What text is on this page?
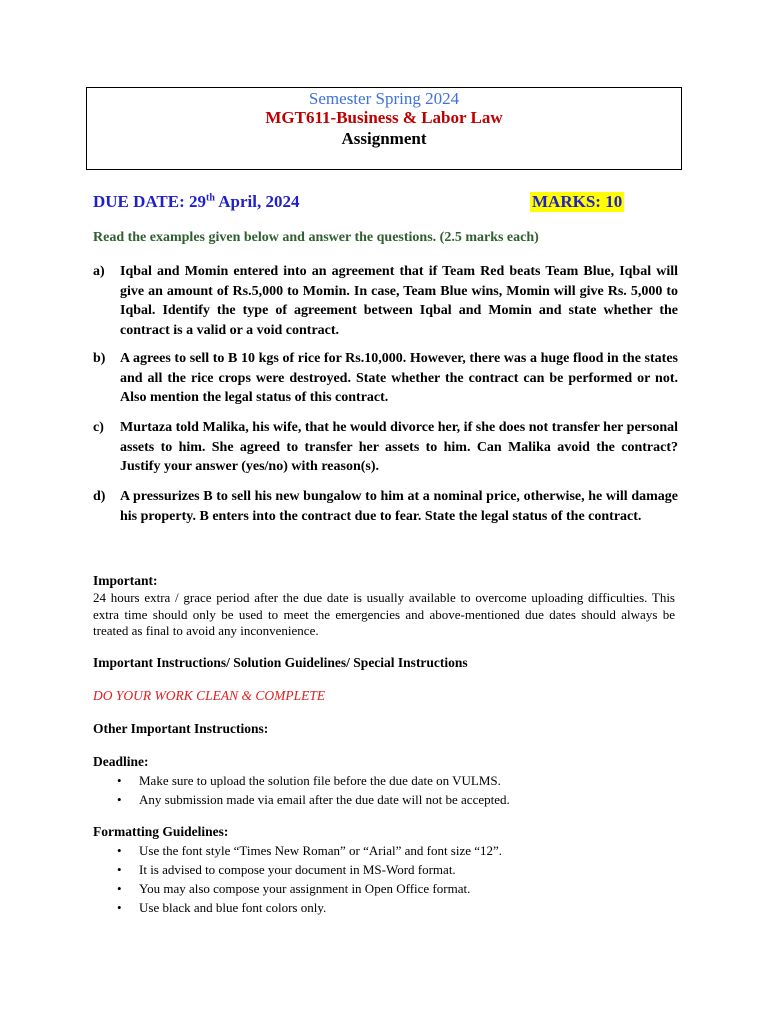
Semester Spring 2024
MGT611-Business & Labor Law
Assignment
DUE DATE: 29th April, 2024	MARKS: 10
Read the examples given below and answer the questions. (2.5 marks each)
a) Iqbal and Momin entered into an agreement that if Team Red beats Team Blue, Iqbal will give an amount of Rs.5,000 to Momin. In case, Team Blue wins, Momin will give Rs. 5,000 to Iqbal. Identify the type of agreement between Iqbal and Momin and state whether the contract is a valid or a void contract.
b) A agrees to sell to B 10 kgs of rice for Rs.10,000. However, there was a huge flood in the states and all the rice crops were destroyed. State whether the contract can be performed or not. Also mention the legal status of this contract.
c) Murtaza told Malika, his wife, that he would divorce her, if she does not transfer her personal assets to him. She agreed to transfer her assets to him. Can Malika avoid the contract? Justify your answer (yes/no) with reason(s).
d) A pressurizes B to sell his new bungalow to him at a nominal price, otherwise, he will damage his property. B enters into the contract due to fear. State the legal status of the contract.
Important:
24 hours extra / grace period after the due date is usually available to overcome uploading difficulties. This extra time should only be used to meet the emergencies and above-mentioned due dates should always be treated as final to avoid any inconvenience.
Important Instructions/ Solution Guidelines/ Special Instructions
DO YOUR WORK CLEAN & COMPLETE
Other Important Instructions:
Deadline:
• Make sure to upload the solution file before the due date on VULMS.
• Any submission made via email after the due date will not be accepted.
Formatting Guidelines:
• Use the font style “Times New Roman” or “Arial” and font size “12”.
• It is advised to compose your document in MS-Word format.
• You may also compose your assignment in Open Office format.
• Use black and blue font colors only.
